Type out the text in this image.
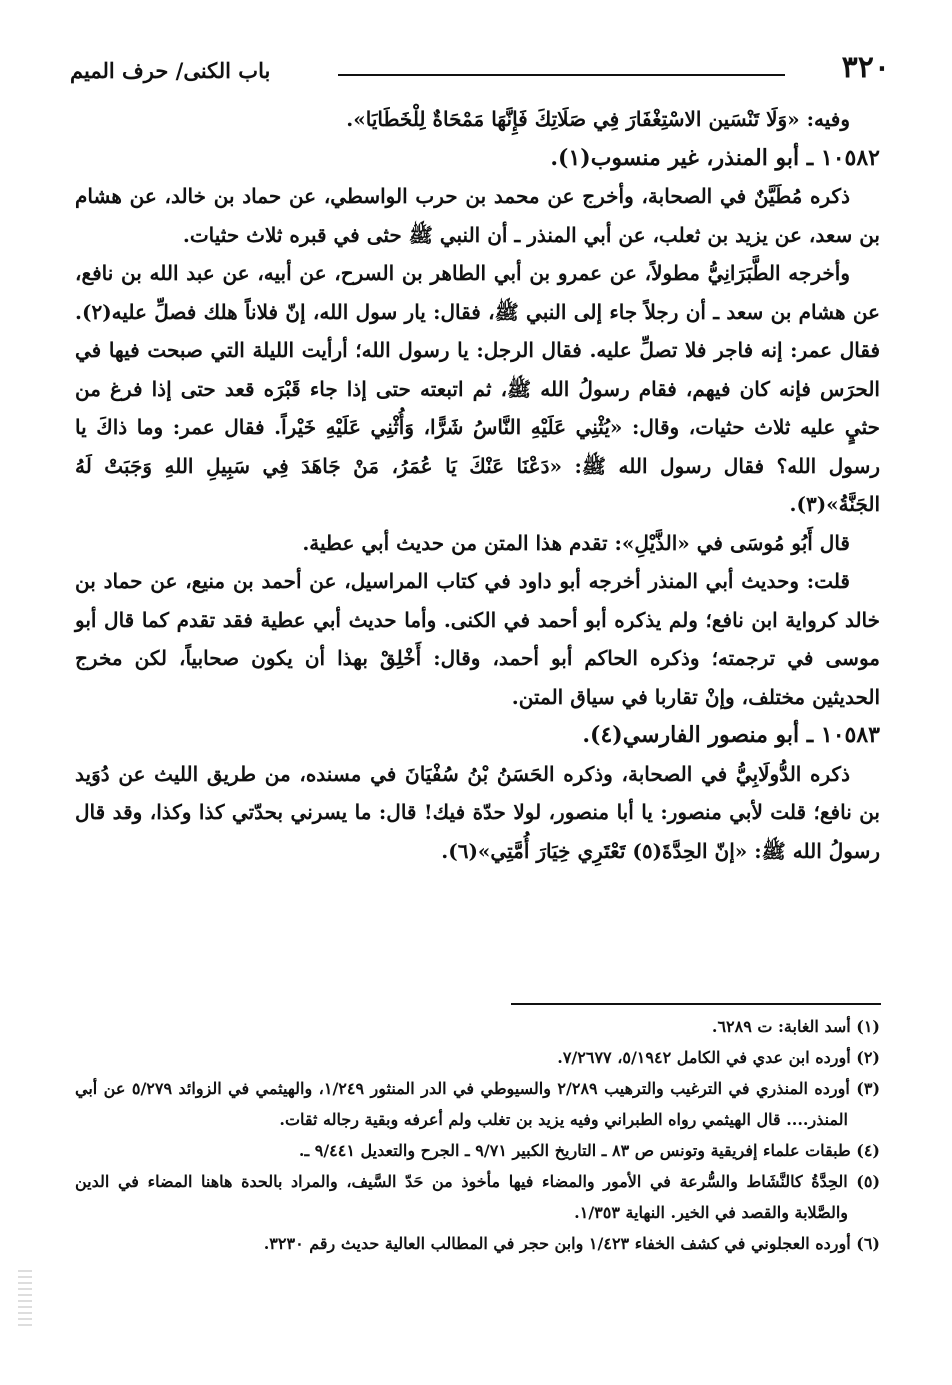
٣٢٠
باب الكنى/ حرف الميم

وفيه: «وَلَا تَنْسَين الاسْتِغْفَارَ فِي صَلَاتِكَ فَإِنَّهَا مَمْحَاةٌ لِلْخَطَايَا».

١٠٥٨٢ ـ أبو المنذر، غير منسوب(١).

ذكره مُطَيَّنٌ في الصحابة، وأخرج عن محمد بن حرب الواسطي، عن حماد بن خالد، عن هشام بن سعد، عن يزيد بن ثعلب، عن أبي المنذر ـ أن النبي ﷺ حثى في قبره ثلاث حثيات.

وأخرجه الطَّبَرَانِيُّ مطولاً، عن عمرو بن أبي الطاهر بن السرح، عن أبيه، عن عبد الله بن نافع، عن هشام بن سعد ـ أن رجلاً جاء إلى النبي ﷺ، فقال: يار سول الله، إنّ فلاناً هلك فصلِّ عليه(٢). فقال عمر: إنه فاجر فلا تصلِّ عليه. فقال الرجل: يا رسول الله؛ أرأيت الليلة التي صبحت فيها في الحرَس فإنه كان فيهم، فقام رسولُ الله ﷺ، ثم اتبعته حتى إذا جاء قَبْرَه قعد حتى إذا فرغ من حثيٍ عليه ثلاث حثيات، وقال: «يُثْنِي عَلَيْهِ النَّاسُ شَرًّا، وَأُثْنِي عَلَيْهِ خَيْراً. فقال عمر: وما ذاكَ يا رسول الله؟ فقال رسول الله ﷺ: «دَعْنَا عَنْكَ يَا عُمَرُ، مَنْ جَاهَدَ فِي سَبِيلِ اللهِ وَجَبَتْ لَهُ الجَنَّةُ»(٣).

قال أَبُو مُوسَى في «الذَّيْلِ»: تقدم هذا المتن من حديث أبي عطية.

قلت: وحديث أبي المنذر أخرجه أبو داود في كتاب المراسيل، عن أحمد بن منيع، عن حماد بن خالد كرواية ابن نافع؛ ولم يذكره أبو أحمد في الكنى. وأما حديث أبي عطية فقد تقدم كما قال أبو موسى في ترجمته؛ وذكره الحاكم أبو أحمد، وقال: أَخْلِقْ بهذا أن يكون صحابياً، لكن مخرج الحديثين مختلف، وإنْ تقاربا في سياق المتن.

١٠٥٨٣ ـ أبو منصور الفارسي(٤).

ذكره الدُّولَابِيُّ في الصحابة، وذكره الحَسَنُ بْنُ سُفْيَانَ في مسنده، من طريق الليث عن دُوَيد بن نافع؛ قلت لأبي منصور: يا أبا منصور، لولا حدّة فيك! قال: ما يسرني بحدّتي كذا وكذا، وقد قال رسولُ الله ﷺ: «إنّ الحِدَّةَ(٥) تَعْتَرِي خِيَارَ أُمَّتِي»(٦).

(١) أسد الغابة: ت ٦٢٨٩.

(٢) أورده ابن عدي في الكامل ٥/١٩٤٢، ٧/٢٦٧٧.

(٣) أورده المنذري في الترغيب والترهيب ٢/٢٨٩ والسيوطي في الدر المنثور ١/٢٤٩، والهيثمي في الزوائد ٥/٢٧٩ عن أبي المنذر.... قال الهيثمي رواه الطبراني وفيه يزيد بن تغلب ولم أعرفه وبقية رجاله ثقات.

(٤) طبقات علماء إفريقية وتونس ص ٨٣ ـ التاريخ الكبير ٩/٧١ ـ الجرح والتعديل ٩/٤٤١ ـ.

(٥) الحِدَّةُ كالنَّشَاط والسُّرعة في الأمور والمضاء فيها مأخوذ من حَدّ السَّيف، والمراد بالحدة هاهنا المضاء في الدين والصَّلابة والقصد في الخير. النهاية ١/٣٥٣.

(٦) أورده العجلوني في كشف الخفاء ١/٤٢٣ وابن حجر في المطالب العالية حديث رقم ٣٢٣٠.
